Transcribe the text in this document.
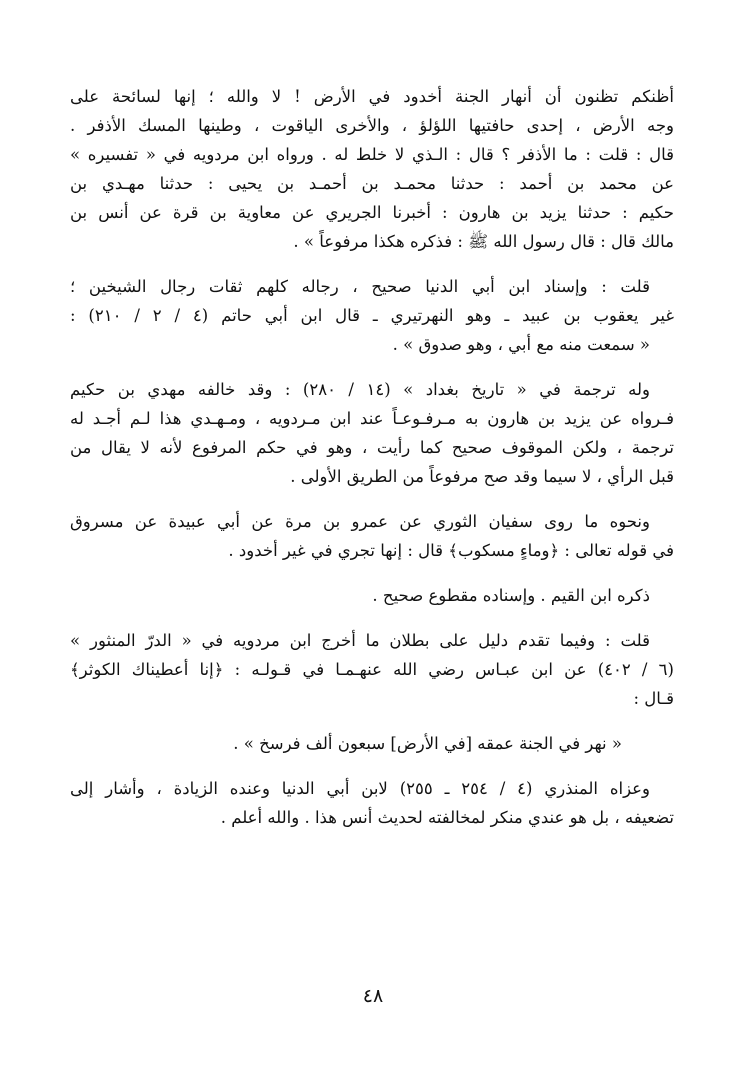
أظنكم تظنون أن أنهار الجنة أخدود في الأرض ! لا والله ؛ إنها لسائحة على
وجه الأرض ، إحدى حافتيها اللؤلؤ ، والأخرى الياقوت ، وطينها المسك الأذفر .
قال : قلت : ما الأذفر ؟ قال : الـذي لا خلط له . ورواه ابن مردويه في « تفسيره »
عن محمد بن أحمد : حدثنا محمـد بن أحمـد بن يحيى : حدثنا مهـدي بن
حكيم : حدثنا يزيد بن هارون : أخبرنا الجريري عن معاوية بن قرة عن أنس بن
مالك قال : قال رسول الله ﷺ : فذكره هكذا مرفوعاً » .
قلت : وإسناد ابن أبي الدنيا صحيح ، رجاله كلهم ثقات رجال الشيخين ؛
غير يعقوب بن عبيد ـ وهو النهرتيري ـ قال ابن أبي حاتم (٤ / ٢ / ٢١٠) :
« سمعت منه مع أبي ، وهو صدوق » .
وله ترجمة في « تاريخ بغداد » (١٤ / ٢٨٠) : وقد خالفه مهدي بن حكيم
فـرواه عن يزيد بن هارون به مـرفـوعـاً عند ابن مـردويه ، ومـهـدي هذا لـم أجـد له
ترجمة ، ولكن الموقوف صحيح كما رأيت ، وهو في حكم المرفوع لأنه لا يقال من
قبل الرأي ، لا سيما وقد صح مرفوعاً من الطريق الأولى .
ونحوه ما روى سفيان الثوري عن عمرو بن مرة عن أبي عبيدة عن مسروق
في قوله تعالى : ﴿وماءٍ مسكوب﴾ قال : إنها تجري في غير أخدود .
ذكره ابن القيم . وإسناده مقطوع صحيح .
قلت : وفيما تقدم دليل على بطلان ما أخرج ابن مردويه في « الدرّ المنثور »
(٦ / ٤٠٢) عن ابن عبـاس رضي الله عنهـمـا في قـولـه : ﴿إنا أعطيناك الكوثر﴾
قـال :
« نهر في الجنة عمقه [في الأرض] سبعون ألف فرسخ » .
وعزاه المنذري (٤ / ٢٥٤ ـ ٢٥٥) لابن أبي الدنيا وعنده الزيادة ، وأشار إلى
تضعيفه ، بل هو عندي منكر لمخالفته لحديث أنس هذا . والله أعلم .
٤٨
